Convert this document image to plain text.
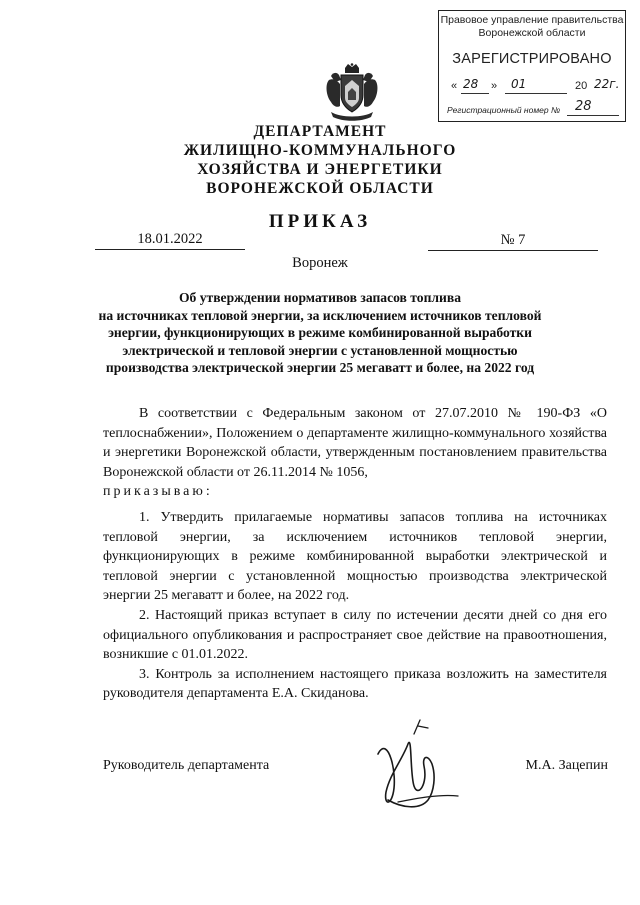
Правовое управление правительства
Воронежской области
ЗАРЕГИСТРИРОВАНО
« 28 » 01	20 22г.
Регистрационный номер № 28
ДЕПАРТАМЕНТ
ЖИЛИЩНО-КОММУНАЛЬНОГО
ХОЗЯЙСТВА И ЭНЕРГЕТИКИ
ВОРОНЕЖСКОЙ ОБЛАСТИ
ПРИКАЗ
18.01.2022	№ 7
Воронеж
Об утверждении нормативов запасов топлива
на источниках тепловой энергии, за исключением источников тепловой
энергии, функционирующих в режиме комбинированной выработки
электрической и тепловой энергии с установленной мощностью
производства электрической энергии 25 мегаватт и более, на 2022 год

В соответствии с Федеральным законом от 27.07.2010 № 190-ФЗ «О теплоснабжении», Положением о департаменте жилищно-коммунального хозяйства и энергетики Воронежской области, утвержденным постановлением правительства Воронежской области от 26.11.2014 № 1056,
приказываю:

1. Утвердить прилагаемые нормативы запасов топлива на источниках тепловой энергии, за исключением источников тепловой энергии, функционирующих в режиме комбинированной выработки электрической и тепловой энергии с установленной мощностью производства электрической энергии 25 мегаватт и более, на 2022 год.

2. Настоящий приказ вступает в силу по истечении десяти дней со дня его официального опубликования и распространяет свое действие на правоотношения, возникшие с 01.01.2022.

3. Контроль за исполнением настоящего приказа возложить на заместителя руководителя департамента Е.А. Скиданова.

Руководитель департамента	М.А. Зацепин
